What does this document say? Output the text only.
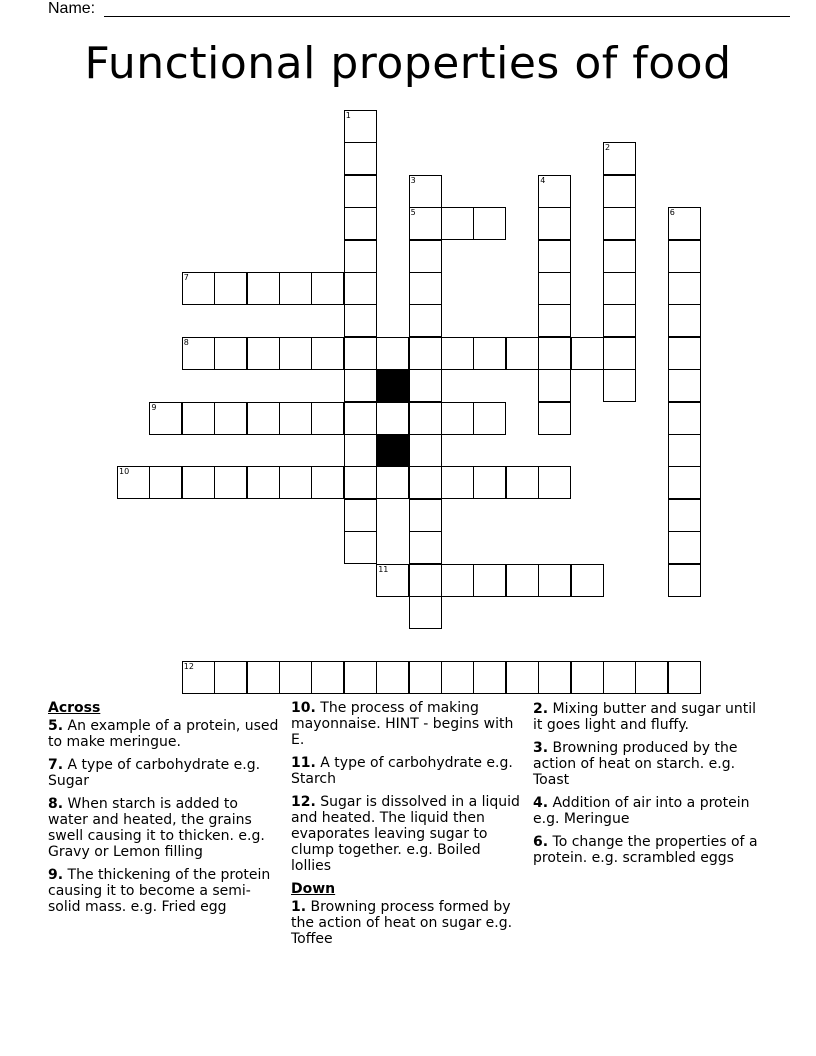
Name:
Functional properties of food
1
2
3
5
4
6
7
8
9
10
11
12
Across
5. An example of a protein, used to make meringue.
7. A type of carbohydrate e.g. Sugar
8. When starch is added to water and heated, the grains swell causing it to thicken. e.g. Gravy or Lemon filling
9. The thickening of the protein causing it to become a semi-solid mass. e.g. Fried egg
10. The process of making mayonnaise. HINT - begins with E.
11. A type of carbohydrate e.g. Starch
12. Sugar is dissolved in a liquid and heated. The liquid then evaporates leaving sugar to clump together. e.g. Boiled lollies
Down
1. Browning process formed by the action of heat on sugar e.g. Toffee
2. Mixing butter and sugar until it goes light and fluffy.
3. Browning produced by the action of heat on starch. e.g. Toast
4. Addition of air into a protein e.g. Meringue
6. To change the properties of a protein. e.g. scrambled eggs
